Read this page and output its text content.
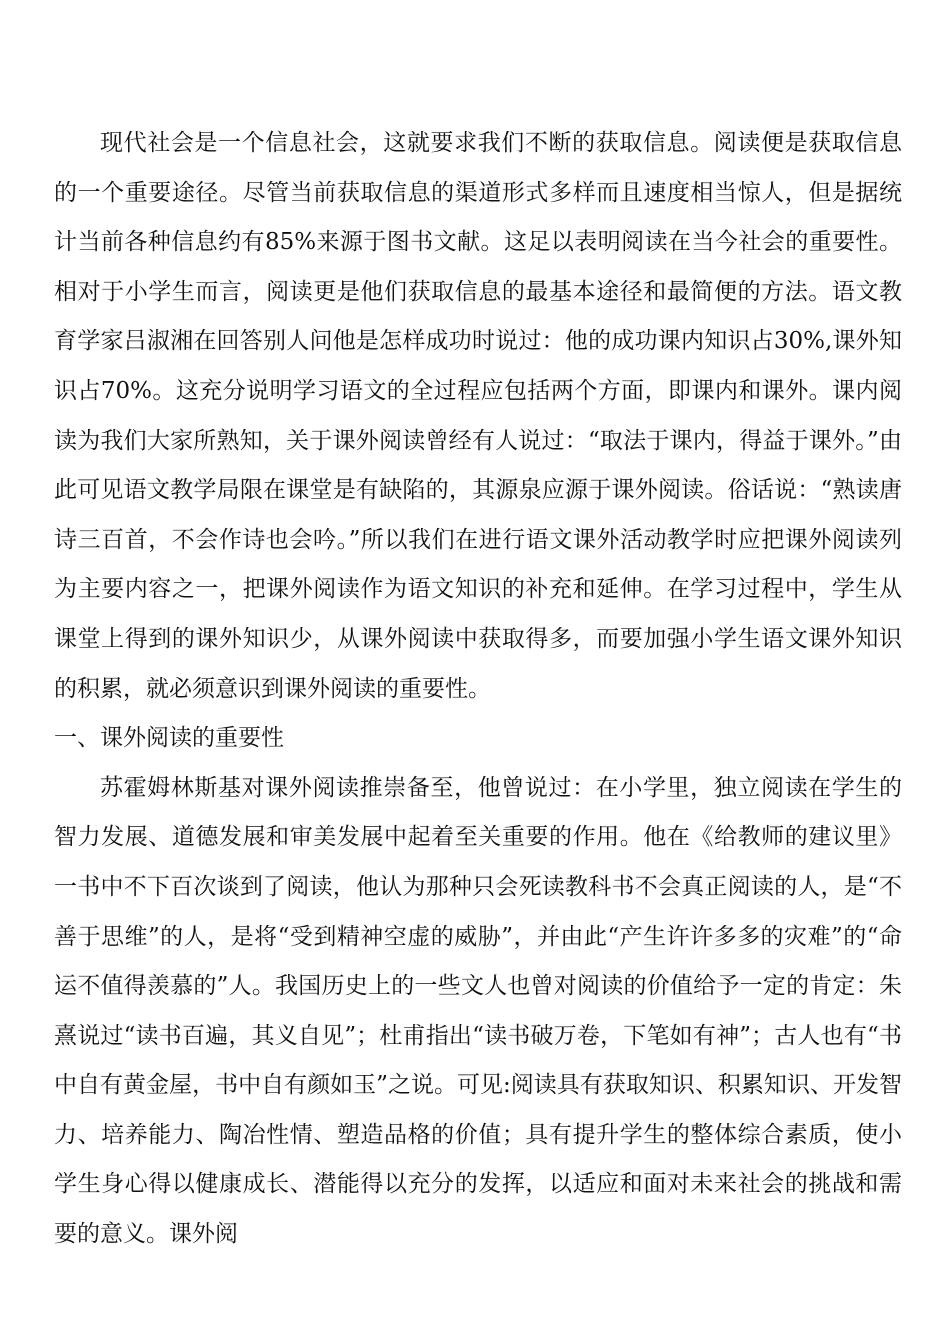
现代社会是一个信息社会，这就要求我们不断的获取信息。阅读便是获取信息的一个重要途径。尽管当前获取信息的渠道形式多样而且速度相当惊人，但是据统计当前各种信息约有85%来源于图书文献。这足以表明阅读在当今社会的重要性。相对于小学生而言，阅读更是他们获取信息的最基本途径和最简便的方法。语文教育学家吕淑湘在回答别人问他是怎样成功时说过：他的成功课内知识占30%,课外知识占70%。这充分说明学习语文的全过程应包括两个方面，即课内和课外。课内阅读为我们大家所熟知，关于课外阅读曾经有人说过：“取法于课内，得益于课外。”由此可见语文教学局限在课堂是有缺陷的，其源泉应源于课外阅读。俗话说：“熟读唐诗三百首，不会作诗也会吟。”所以我们在进行语文课外活动教学时应把课外阅读列为主要内容之一，把课外阅读作为语文知识的补充和延伸。在学习过程中，学生从课堂上得到的课外知识少，从课外阅读中获取得多，而要加强小学生语文课外知识的积累，就必须意识到课外阅读的重要性。

一、课外阅读的重要性

苏霍姆林斯基对课外阅读推崇备至，他曾说过：在小学里，独立阅读在学生的智力发展、道德发展和审美发展中起着至关重要的作用。他在《给教师的建议里》一书中不下百次谈到了阅读，他认为那种只会死读教科书不会真正阅读的人，是“不善于思维”的人，是将“受到精神空虚的威胁”，并由此“产生许许多多的灾难”的“命运不值得羡慕的”人。我国历史上的一些文人也曾对阅读的价值给予一定的肯定：朱熹说过“读书百遍，其义自见”；杜甫指出“读书破万卷，下笔如有神”；古人也有“书中自有黄金屋，书中自有颜如玉”之说。可见:阅读具有获取知识、积累知识、开发智力、培养能力、陶冶性情、塑造品格的价值；具有提升学生的整体综合素质，使小学生身心得以健康成长、潜能得以充分的发挥，以适应和面对未来社会的挑战和需要的意义。课外阅
